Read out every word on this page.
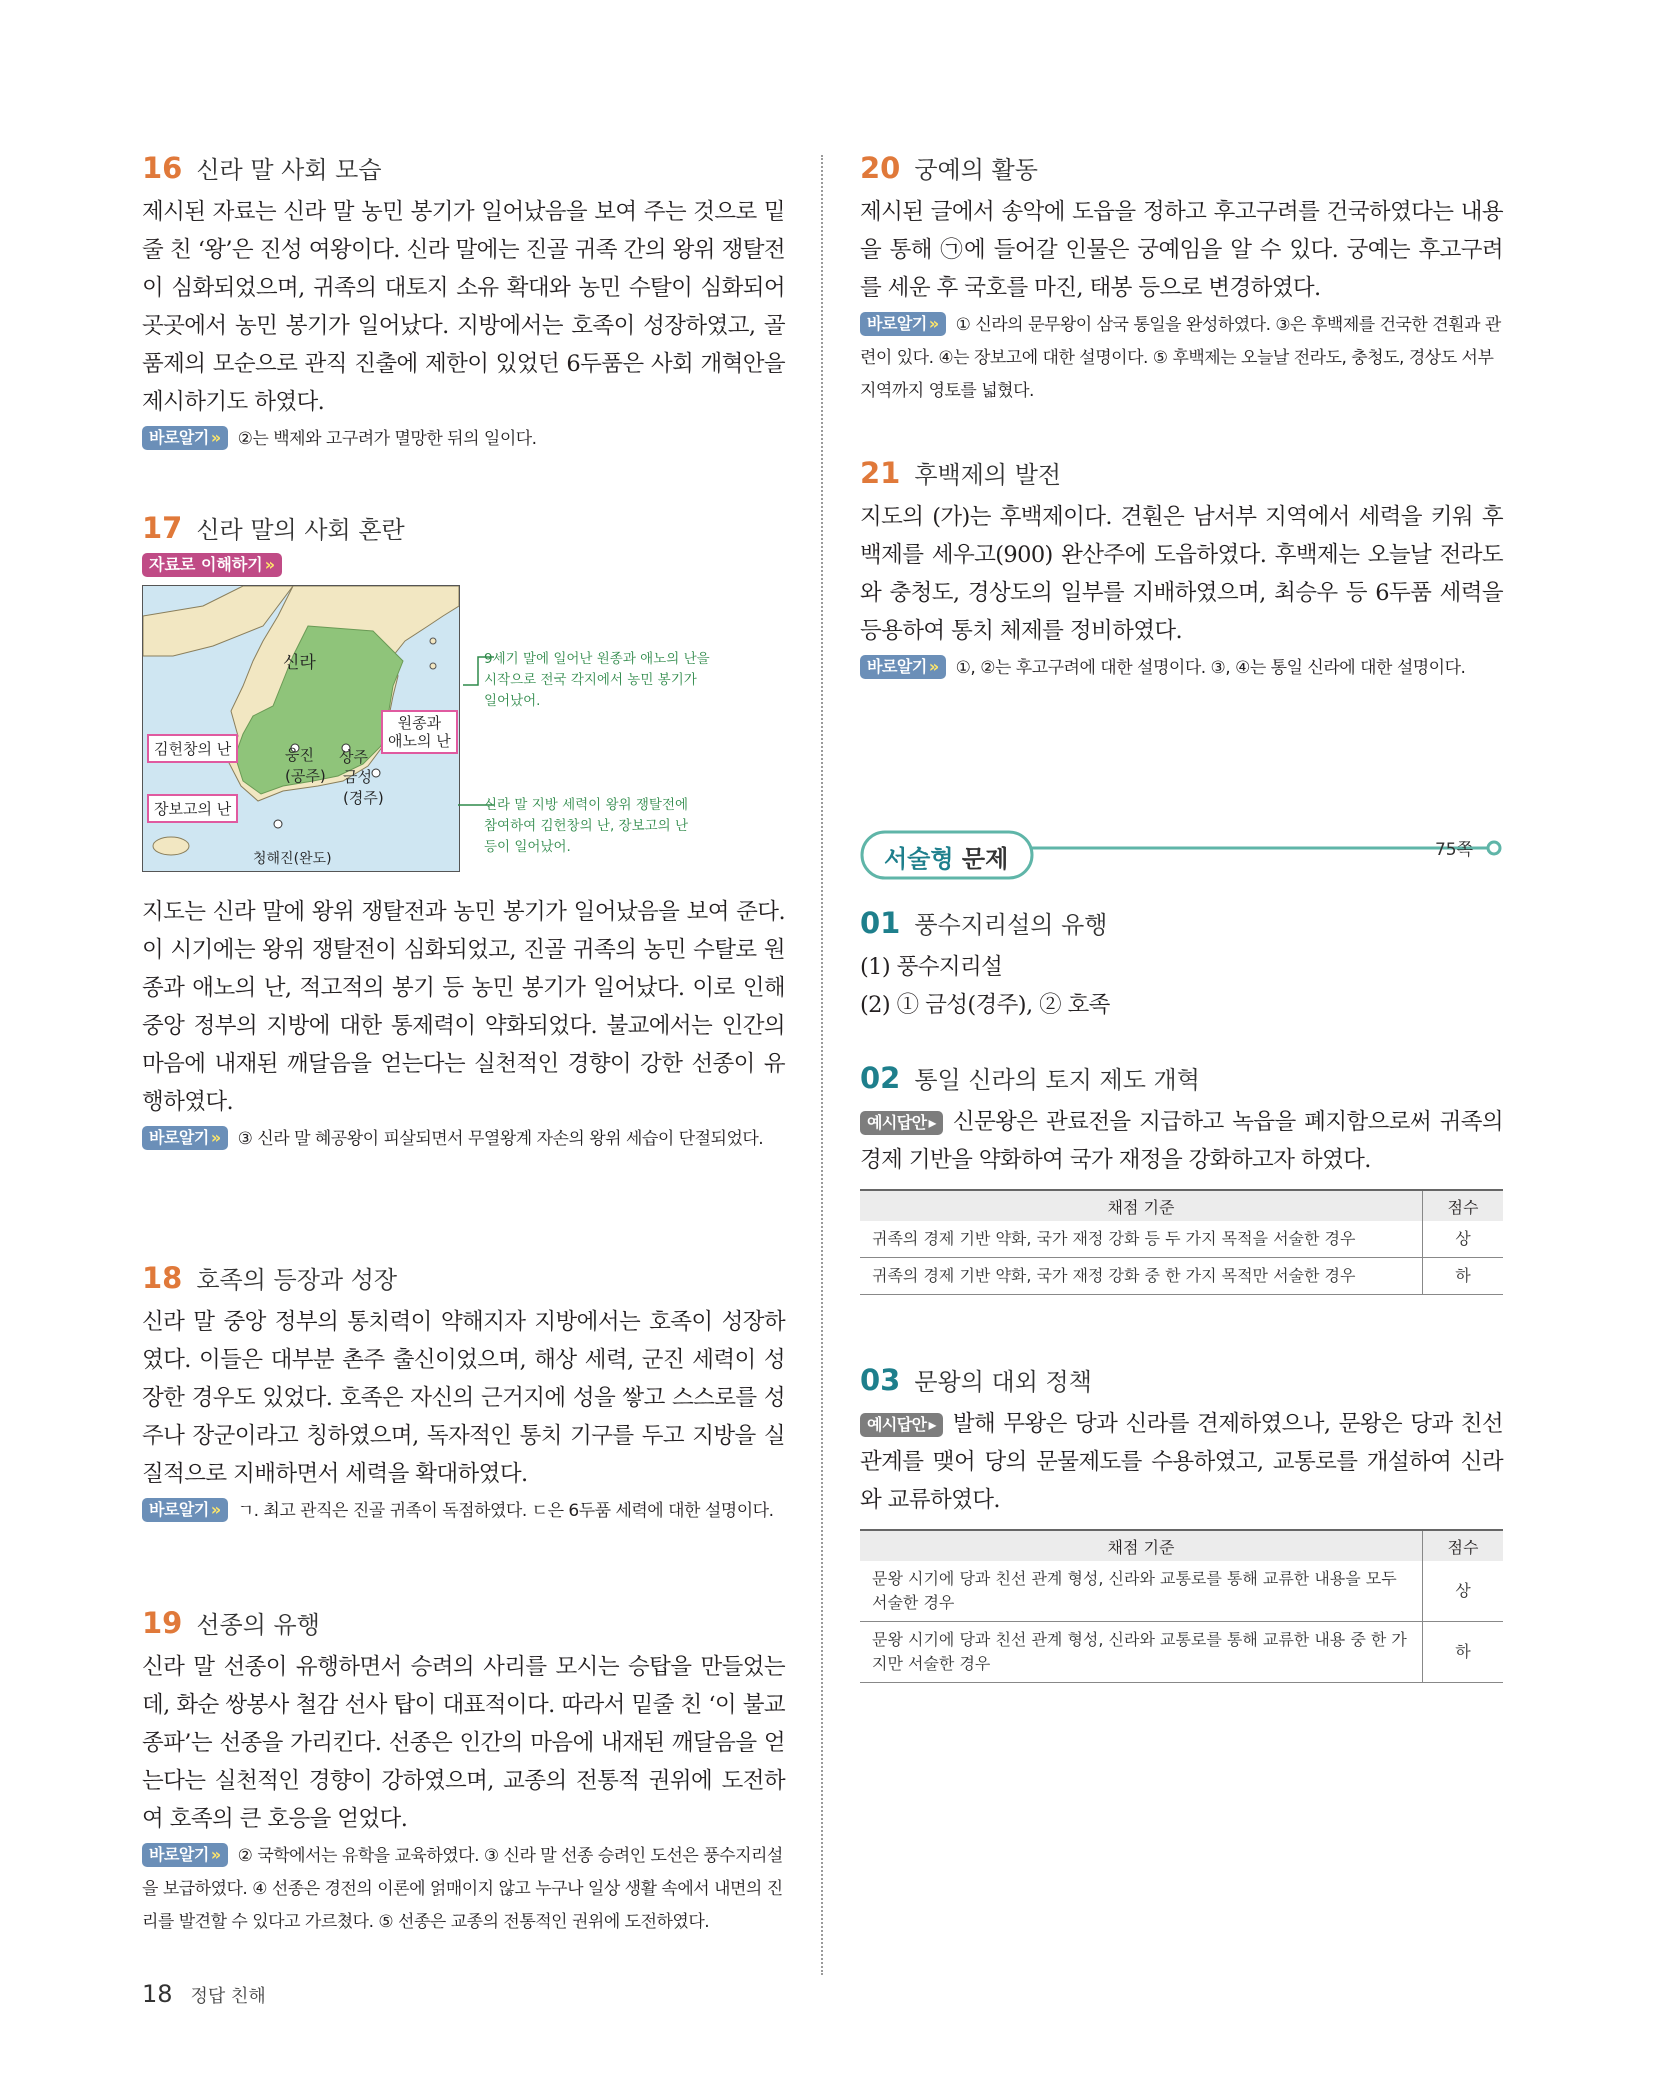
16 신라 말 사회 모습
제시된 자료는 신라 말 농민 봉기가 일어났음을 보여 주는 것으로 밑줄 친 ‘왕’은 진성 여왕이다. 신라 말에는 진골 귀족 간의 왕위 쟁탈전이 심화되었으며, 귀족의 대토지 소유 확대와 농민 수탈이 심화되어 곳곳에서 농민 봉기가 일어났다. 지방에서는 호족이 성장하였고, 골품제의 모순으로 관직 진출에 제한이 있었던 6두품은 사회 개혁안을 제시하기도 하였다.
바로알기 » ②는 백제와 고구려가 멸망한 뒤의 일이다.
17 신라 말의 사회 혼란
자료로 이해하기 »
신라
웅진
(공주)
상주
금성
(경주)
청해진(완도)
김헌창의 난
장보고의 난
원종과
애노의 난
9세기 말에 일어난 원종과 애노의 난을
시작으로 전국 각지에서 농민 봉기가
일어났어.
신라 말 지방 세력이 왕위 쟁탈전에
참여하여 김헌창의 난, 장보고의 난
등이 일어났어.
지도는 신라 말에 왕위 쟁탈전과 농민 봉기가 일어났음을 보여 준다. 이 시기에는 왕위 쟁탈전이 심화되었고, 진골 귀족의 농민 수탈로 원종과 애노의 난, 적고적의 봉기 등 농민 봉기가 일어났다. 이로 인해 중앙 정부의 지방에 대한 통제력이 약화되었다. 불교에서는 인간의 마음에 내재된 깨달음을 얻는다는 실천적인 경향이 강한 선종이 유행하였다.
바로알기 » ③ 신라 말 혜공왕이 피살되면서 무열왕계 자손의 왕위 세습이 단절되었다.
18 호족의 등장과 성장
신라 말 중앙 정부의 통치력이 약해지자 지방에서는 호족이 성장하였다. 이들은 대부분 촌주 출신이었으며, 해상 세력, 군진 세력이 성장한 경우도 있었다. 호족은 자신의 근거지에 성을 쌓고 스스로를 성주나 장군이라고 칭하였으며, 독자적인 통치 기구를 두고 지방을 실질적으로 지배하면서 세력을 확대하였다.
바로알기 » ㄱ. 최고 관직은 진골 귀족이 독점하였다. ㄷ은 6두품 세력에 대한 설명이다.
19 선종의 유행
신라 말 선종이 유행하면서 승려의 사리를 모시는 승탑을 만들었는데, 화순 쌍봉사 철감 선사 탑이 대표적이다. 따라서 밑줄 친 ‘이 불교 종파’는 선종을 가리킨다. 선종은 인간의 마음에 내재된 깨달음을 얻는다는 실천적인 경향이 강하였으며, 교종의 전통적 권위에 도전하여 호족의 큰 호응을 얻었다.
바로알기 » ② 국학에서는 유학을 교육하였다. ③ 신라 말 선종 승려인 도선은 풍수지리설을 보급하였다. ④ 선종은 경전의 이론에 얽매이지 않고 누구나 일상 생활 속에서 내면의 진리를 발견할 수 있다고 가르쳤다. ⑤ 선종은 교종의 전통적인 권위에 도전하였다.
20 궁예의 활동
제시된 글에서 송악에 도읍을 정하고 후고구려를 건국하였다는 내용을 통해 ㉠에 들어갈 인물은 궁예임을 알 수 있다. 궁예는 후고구려를 세운 후 국호를 마진, 태봉 등으로 변경하였다.
바로알기 » ① 신라의 문무왕이 삼국 통일을 완성하였다. ③은 후백제를 건국한 견훤과 관련이 있다. ④는 장보고에 대한 설명이다. ⑤ 후백제는 오늘날 전라도, 충청도, 경상도 서부 지역까지 영토를 넓혔다.
21 후백제의 발전
지도의 (가)는 후백제이다. 견훤은 남서부 지역에서 세력을 키워 후백제를 세우고(900) 완산주에 도읍하였다. 후백제는 오늘날 전라도와 충청도, 경상도의 일부를 지배하였으며, 최승우 등 6두품 세력을 등용하여 통치 체제를 정비하였다.
바로알기 » ①, ②는 후고구려에 대한 설명이다. ③, ④는 통일 신라에 대한 설명이다.
서술형 문제	75쪽
01 풍수지리설의 유행
(1) 풍수지리설
(2) ① 금성(경주), ② 호족
02 통일 신라의 토지 제도 개혁
예시답안 ▸ 신문왕은 관료전을 지급하고 녹읍을 폐지함으로써 귀족의 경제 기반을 약화하여 국가 재정을 강화하고자 하였다.
채점 기준	점수
귀족의 경제 기반 약화, 국가 재정 강화 등 두 가지 목적을 서술한 경우	상
귀족의 경제 기반 약화, 국가 재정 강화 중 한 가지 목적만 서술한 경우	하
03 문왕의 대외 정책
예시답안 ▸ 발해 무왕은 당과 신라를 견제하였으나, 문왕은 당과 친선 관계를 맺어 당의 문물제도를 수용하였고, 교통로를 개설하여 신라와 교류하였다.
채점 기준	점수
문왕 시기에 당과 친선 관계 형성, 신라와 교통로를 통해 교류한 내용을 모두 서술한 경우	상
문왕 시기에 당과 친선 관계 형성, 신라와 교통로를 통해 교류한 내용 중 한 가지만 서술한 경우	하
18 정답 친해
